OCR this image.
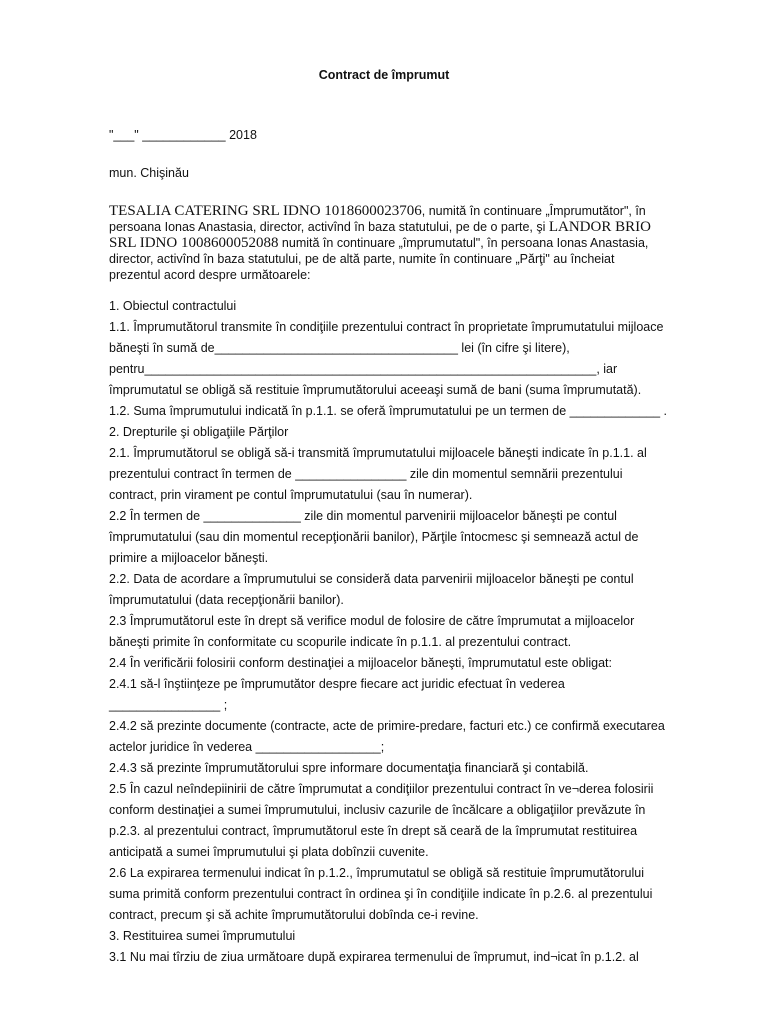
Contract de împrumut
"___" ____________ 2018
mun. Chişinău
TESALIA CATERING SRL IDNO 1018600023706, numită în continuare „Împrumutător", în persoana Ionas Anastasia, director, activînd în baza statutului, pe de o parte, şi LANDOR BRIO SRL IDNO 1008600052088 numită în continuare „împrumutatul", în persoana Ionas Anastasia, director, activînd în baza statutului, pe de altă parte, numite în continuare „Părţi" au încheiat prezentul acord despre următoarele:

1. Obiectul contractului

1.1. Împrumutătorul transmite în condiţiile prezentului contract în proprietate împrumutatului mijloace băneşti în sumă de___________________________________ lei (în cifre şi litere), pentru_________________________________________________________________, iar împrumutatul se obligă să restituie împrumutătorului aceeaşi sumă de bani (suma împrumutată).

1.2. Suma împrumutului indicată în p.1.1. se oferă împrumutatului pe un termen de _____________ .

2. Drepturile şi obligaţiile Părţilor

2.1. Împrumutătorul se obligă să-i transmită împrumutatului mijloacele băneşti indicate în p.1.1. al prezentului contract în termen de ________________ zile din momentul semnării prezentului contract, prin virament pe contul împrumutatului (sau în numerar).

2.2 În termen de ______________ zile din momentul parvenirii mijloacelor băneşti pe contul împrumutatului (sau din momentul recepţionării banilor), Părţile întocmesc şi semnează actul de primire a mijloacelor băneşti.

2.2. Data de acordare a împrumutului se consideră data parvenirii mijloacelor băneşti pe contul împrumutatului (data recepţionării banilor).

2.3 Împrumutătorul este în drept să verifice modul de folosire de către împrumutat a mijloacelor băneşti primite în conformitate cu scopurile indicate în p.1.1. al prezentului contract.

2.4 În verificării folosirii conform destinaţiei a mijloacelor băneşti, împrumutatul este obligat:

2.4.1 să-l înştiinţeze pe împrumutător despre fiecare act juridic efectuat în vederea ________________ ;

2.4.2 să prezinte documente (contracte, acte de primire-predare, facturi etc.) ce confirmă executarea actelor juridice în vederea __________________;

2.4.3 să prezinte împrumutătorului spre informare documentaţia financiară şi contabilă.

2.5 În cazul neîndepiinirii de către împrumutat a condiţiilor prezentului contract în ve¬derea folosirii conform destinaţiei a sumei împrumutului, inclusiv cazurile de încălcare a obligaţiilor prevăzute în p.2.3. al prezentului contract, împrumutătorul este în drept să ceară de la împrumutat restituirea anticipată a sumei împrumutului şi plata dobînzii cuvenite.

2.6 La expirarea termenului indicat în p.1.2., împrumutatul se obligă să restituie împrumutătorului suma primită conform prezentului contract în ordinea şi în condiţiile indicate în p.2.6. al prezentului contract, precum şi să achite împrumutătorului dobînda ce-i revine.

3. Restituirea sumei împrumutului

3.1 Nu mai tîrziu de ziua următoare după expirarea termenului de împrumut, ind¬icat în p.1.2. al
